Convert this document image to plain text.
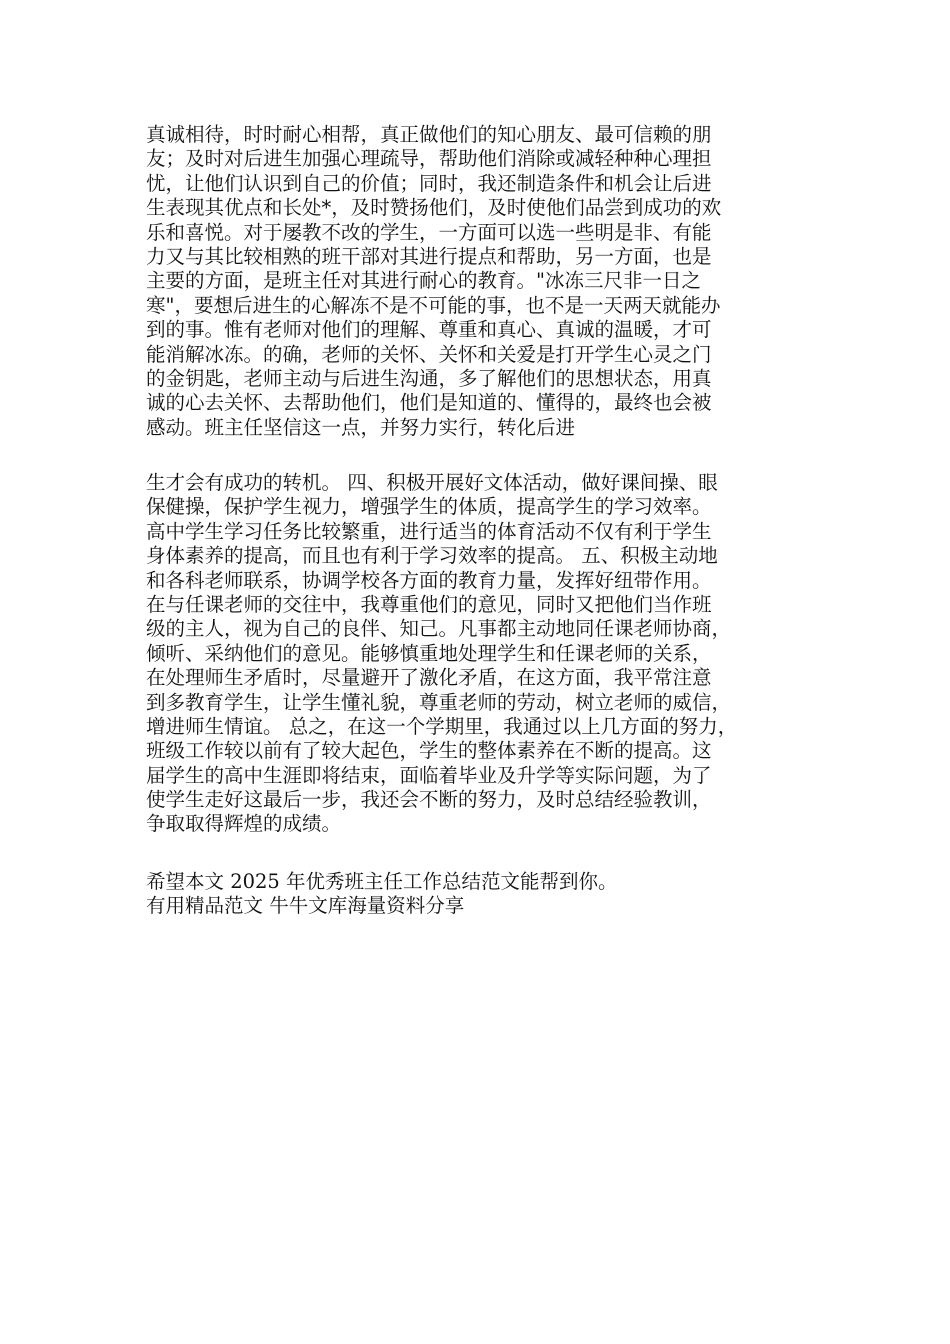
真诚相待，时时耐心相帮，真正做他们的知心朋友、最可信赖的朋
友；及时对后进生加强心理疏导，帮助他们消除或减轻种种心理担
忧，让他们认识到自己的价值；同时，我还制造条件和机会让后进
生表现其优点和长处*，及时赞扬他们，及时使他们品尝到成功的欢
乐和喜悦。对于屡教不改的学生，一方面可以选一些明是非、有能
力又与其比较相熟的班干部对其进行提点和帮助，另一方面，也是
主要的方面，是班主任对其进行耐心的教育。"冰冻三尺非一日之
寒"，要想后进生的心解冻不是不可能的事，也不是一天两天就能办
到的事。惟有老师对他们的理解、尊重和真心、真诚的温暖，才可
能消解冰冻。的确，老师的关怀、关怀和关爱是打开学生心灵之门
的金钥匙，老师主动与后进生沟通，多了解他们的思想状态，用真
诚的心去关怀、去帮助他们，他们是知道的、懂得的，最终也会被
感动。班主任坚信这一点，并努力实行，转化后进
生才会有成功的转机。 四、积极开展好文体活动，做好课间操、眼
保健操，保护学生视力，增强学生的体质，提高学生的学习效率。
高中学生学习任务比较繁重，进行适当的体育活动不仅有利于学生
身体素养的提高，而且也有利于学习效率的提高。 五、积极主动地
和各科老师联系，协调学校各方面的教育力量，发挥好纽带作用。
在与任课老师的交往中，我尊重他们的意见，同时又把他们当作班
级的主人，视为自己的良伴、知己。凡事都主动地同任课老师协商，
倾听、采纳他们的意见。能够慎重地处理学生和任课老师的关系，
在处理师生矛盾时，尽量避开了激化矛盾，在这方面，我平常注意
到多教育学生，让学生懂礼貌，尊重老师的劳动，树立老师的威信，
增进师生情谊。 总之，在这一个学期里，我通过以上几方面的努力，
班级工作较以前有了较大起色，学生的整体素养在不断的提高。这
届学生的高中生涯即将结束，面临着毕业及升学等实际问题，为了
使学生走好这最后一步，我还会不断的努力，及时总结经验教训，
争取取得辉煌的成绩。
希望本文 2025 年优秀班主任工作总结范文能帮到你。
有用精品范文 牛牛文库海量资料分享
